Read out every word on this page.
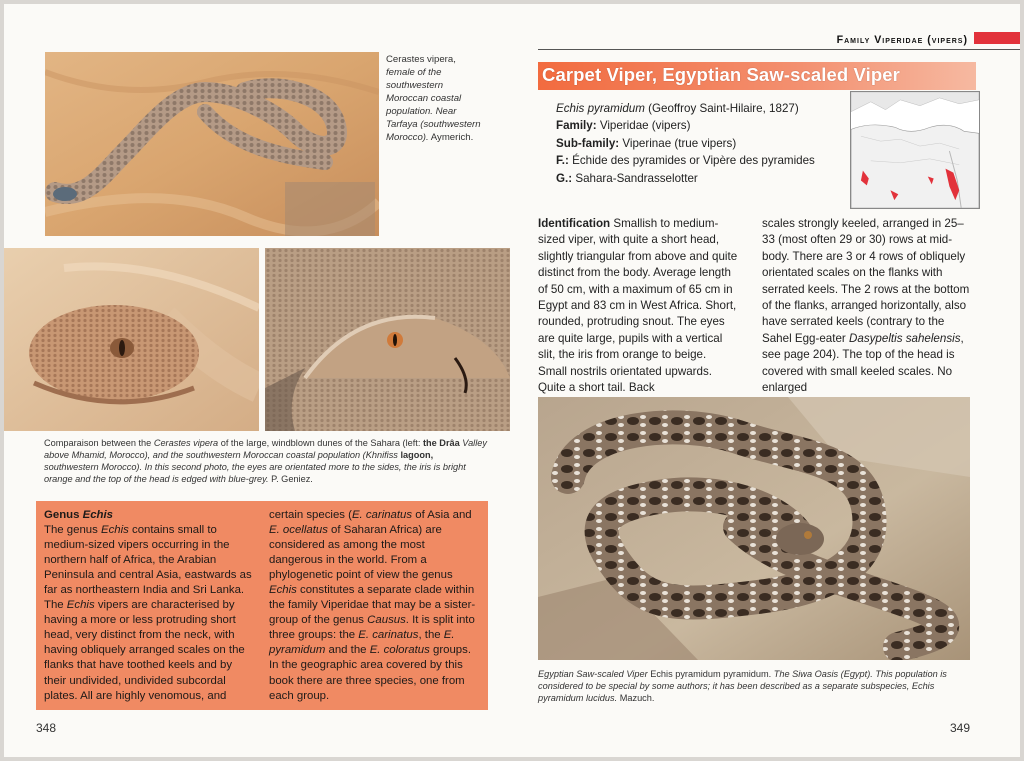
Cerastes vipera, female of the southwestern Moroccan coastal population. Near Tarfaya (southwestern Morocco). Aymerich.
Comparaison between the Cerastes vipera of the large, windblown dunes of the Sahara (left: the Drâa Valley above Mhamid, Morocco), and the southwestern Moroccan coastal population (Khnifiss lagoon, southwestern Morocco). In this second photo, the eyes are orientated more to the sides, the iris is bright orange and the top of the head is edged with blue-grey. P. Geniez.
Genus Echis
The genus Echis contains small to medium-sized vipers occurring in the northern half of Africa, the Arabian Peninsula and central Asia, eastwards as far as northeastern India and Sri Lanka. The Echis vipers are characterised by having a more or less protruding short head, very distinct from the neck, with having obliquely arranged scales on the flanks that have toothed keels and by their undivided, undivided subcordal plates. All are highly venomous, and
certain species (E. carinatus of Asia and E. ocellatus of Saharan Africa) are considered as among the most dangerous in the world. From a phylogenetic point of view the genus Echis constitutes a separate clade within the family Viperidae that may be a sister-group of the genus Causus. It is split into three groups: the E. carinatus, the E. pyramidum and the E. coloratus groups. In the geographic area covered by this book there are three species, one from each group.
348
Family Viperidae (vipers)
Carpet Viper, Egyptian Saw-scaled Viper
Echis pyramidum (Geoffroy Saint-Hilaire, 1827)
Family: Viperidae (vipers)
Sub-family: Viperinae (true vipers)
F.: Échide des pyramides or Vipère des pyramides
G.: Sahara-Sandrasselotter
Identification Smallish to medium-sized viper, with quite a short head, slightly triangular from above and quite distinct from the body. Average length of 50 cm, with a maximum of 65 cm in Egypt and 83 cm in West Africa. Short, rounded, protruding snout. The eyes are quite large, pupils with a vertical slit, the iris from orange to beige. Small nostrils orientated upwards. Quite a short tail. Back
scales strongly keeled, arranged in 25–33 (most often 29 or 30) rows at mid-body. There are 3 or 4 rows of obliquely orientated scales on the flanks with serrated keels. The 2 rows at the bottom of the flanks, arranged horizontally, also have serrated keels (contrary to the Sahel Egg-eater Dasypeltis sahelensis, see page 204). The top of the head is covered with small keeled scales. No enlarged
Egyptian Saw-scaled Viper Echis pyramidum pyramidum. The Siwa Oasis (Egypt). This population is considered to be special by some authors; it has been described as a separate subspecies, Echis pyramidum lucidus. Mazuch.
349
